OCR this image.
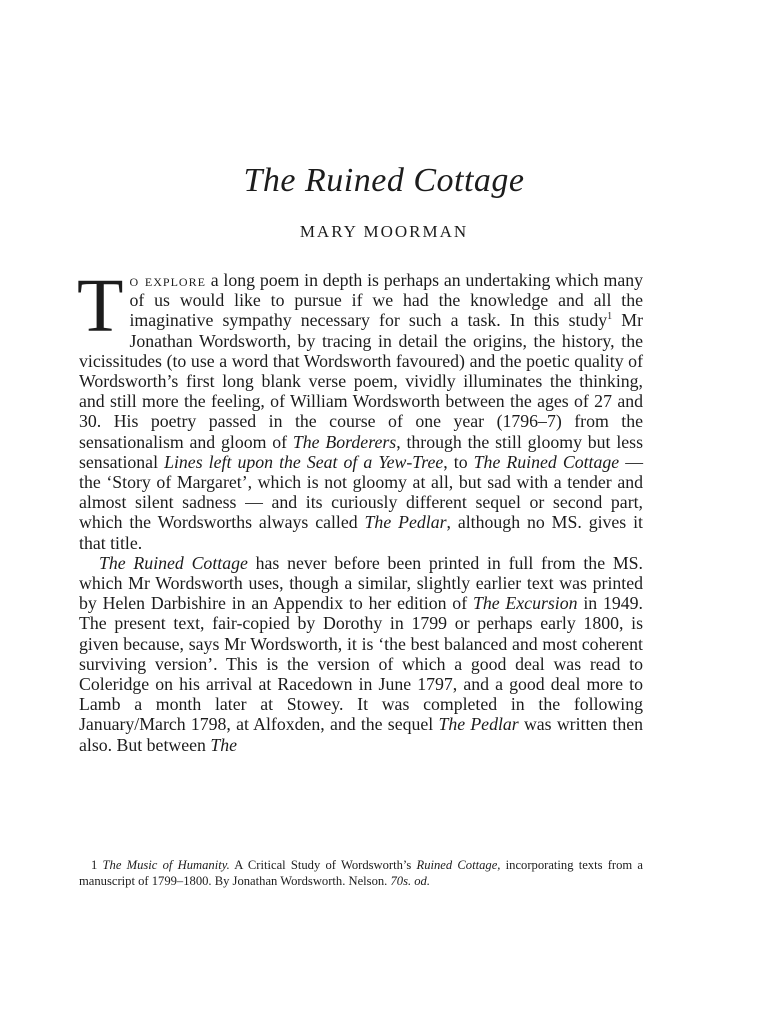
The Ruined Cottage

MARY MOORMAN

To explore a long poem in depth is perhaps an undertaking which many of us would like to pursue if we had the knowledge and all the imaginative sympathy necessary for such a task. In this study$^1$ Mr Jonathan Wordsworth, by tracing in detail the origins, the history, the vicissitudes (to use a word that Wordsworth favoured) and the poetic quality of Wordsworth’s first long blank verse poem, vividly illuminates the thinking, and still more the feeling, of William Wordsworth between the ages of 27 and 30. His poetry passed in the course of one year (1796–7) from the sensationalism and gloom of The Borderers, through the still gloomy but less sensational Lines left upon the Seat of a Yew-Tree, to The Ruined Cottage — the ‘Story of Margaret’, which is not gloomy at all, but sad with a tender and almost silent sadness — and its curiously different sequel or second part, which the Wordsworths always called The Pedlar, although no MS. gives it that title.

The Ruined Cottage has never before been printed in full from the MS. which Mr Wordsworth uses, though a similar, slightly earlier text was printed by Helen Darbishire in an Appendix to her edition of The Excursion in 1949. The present text, fair-copied by Dorothy in 1799 or perhaps early 1800, is given because, says Mr Wordsworth, it is ‘the best balanced and most coherent surviving version’. This is the version of which a good deal was read to Coleridge on his arrival at Racedown in June 1797, and a good deal more to Lamb a month later at Stowey. It was completed in the following January/March 1798, at Alfoxden, and the sequel The Pedlar was written then also. But between The

1 The Music of Humanity. A Critical Study of Wordsworth’s Ruined Cottage, incorporating texts from a manuscript of 1799–1800. By Jonathan Wordsworth. Nelson. 70s. od.
